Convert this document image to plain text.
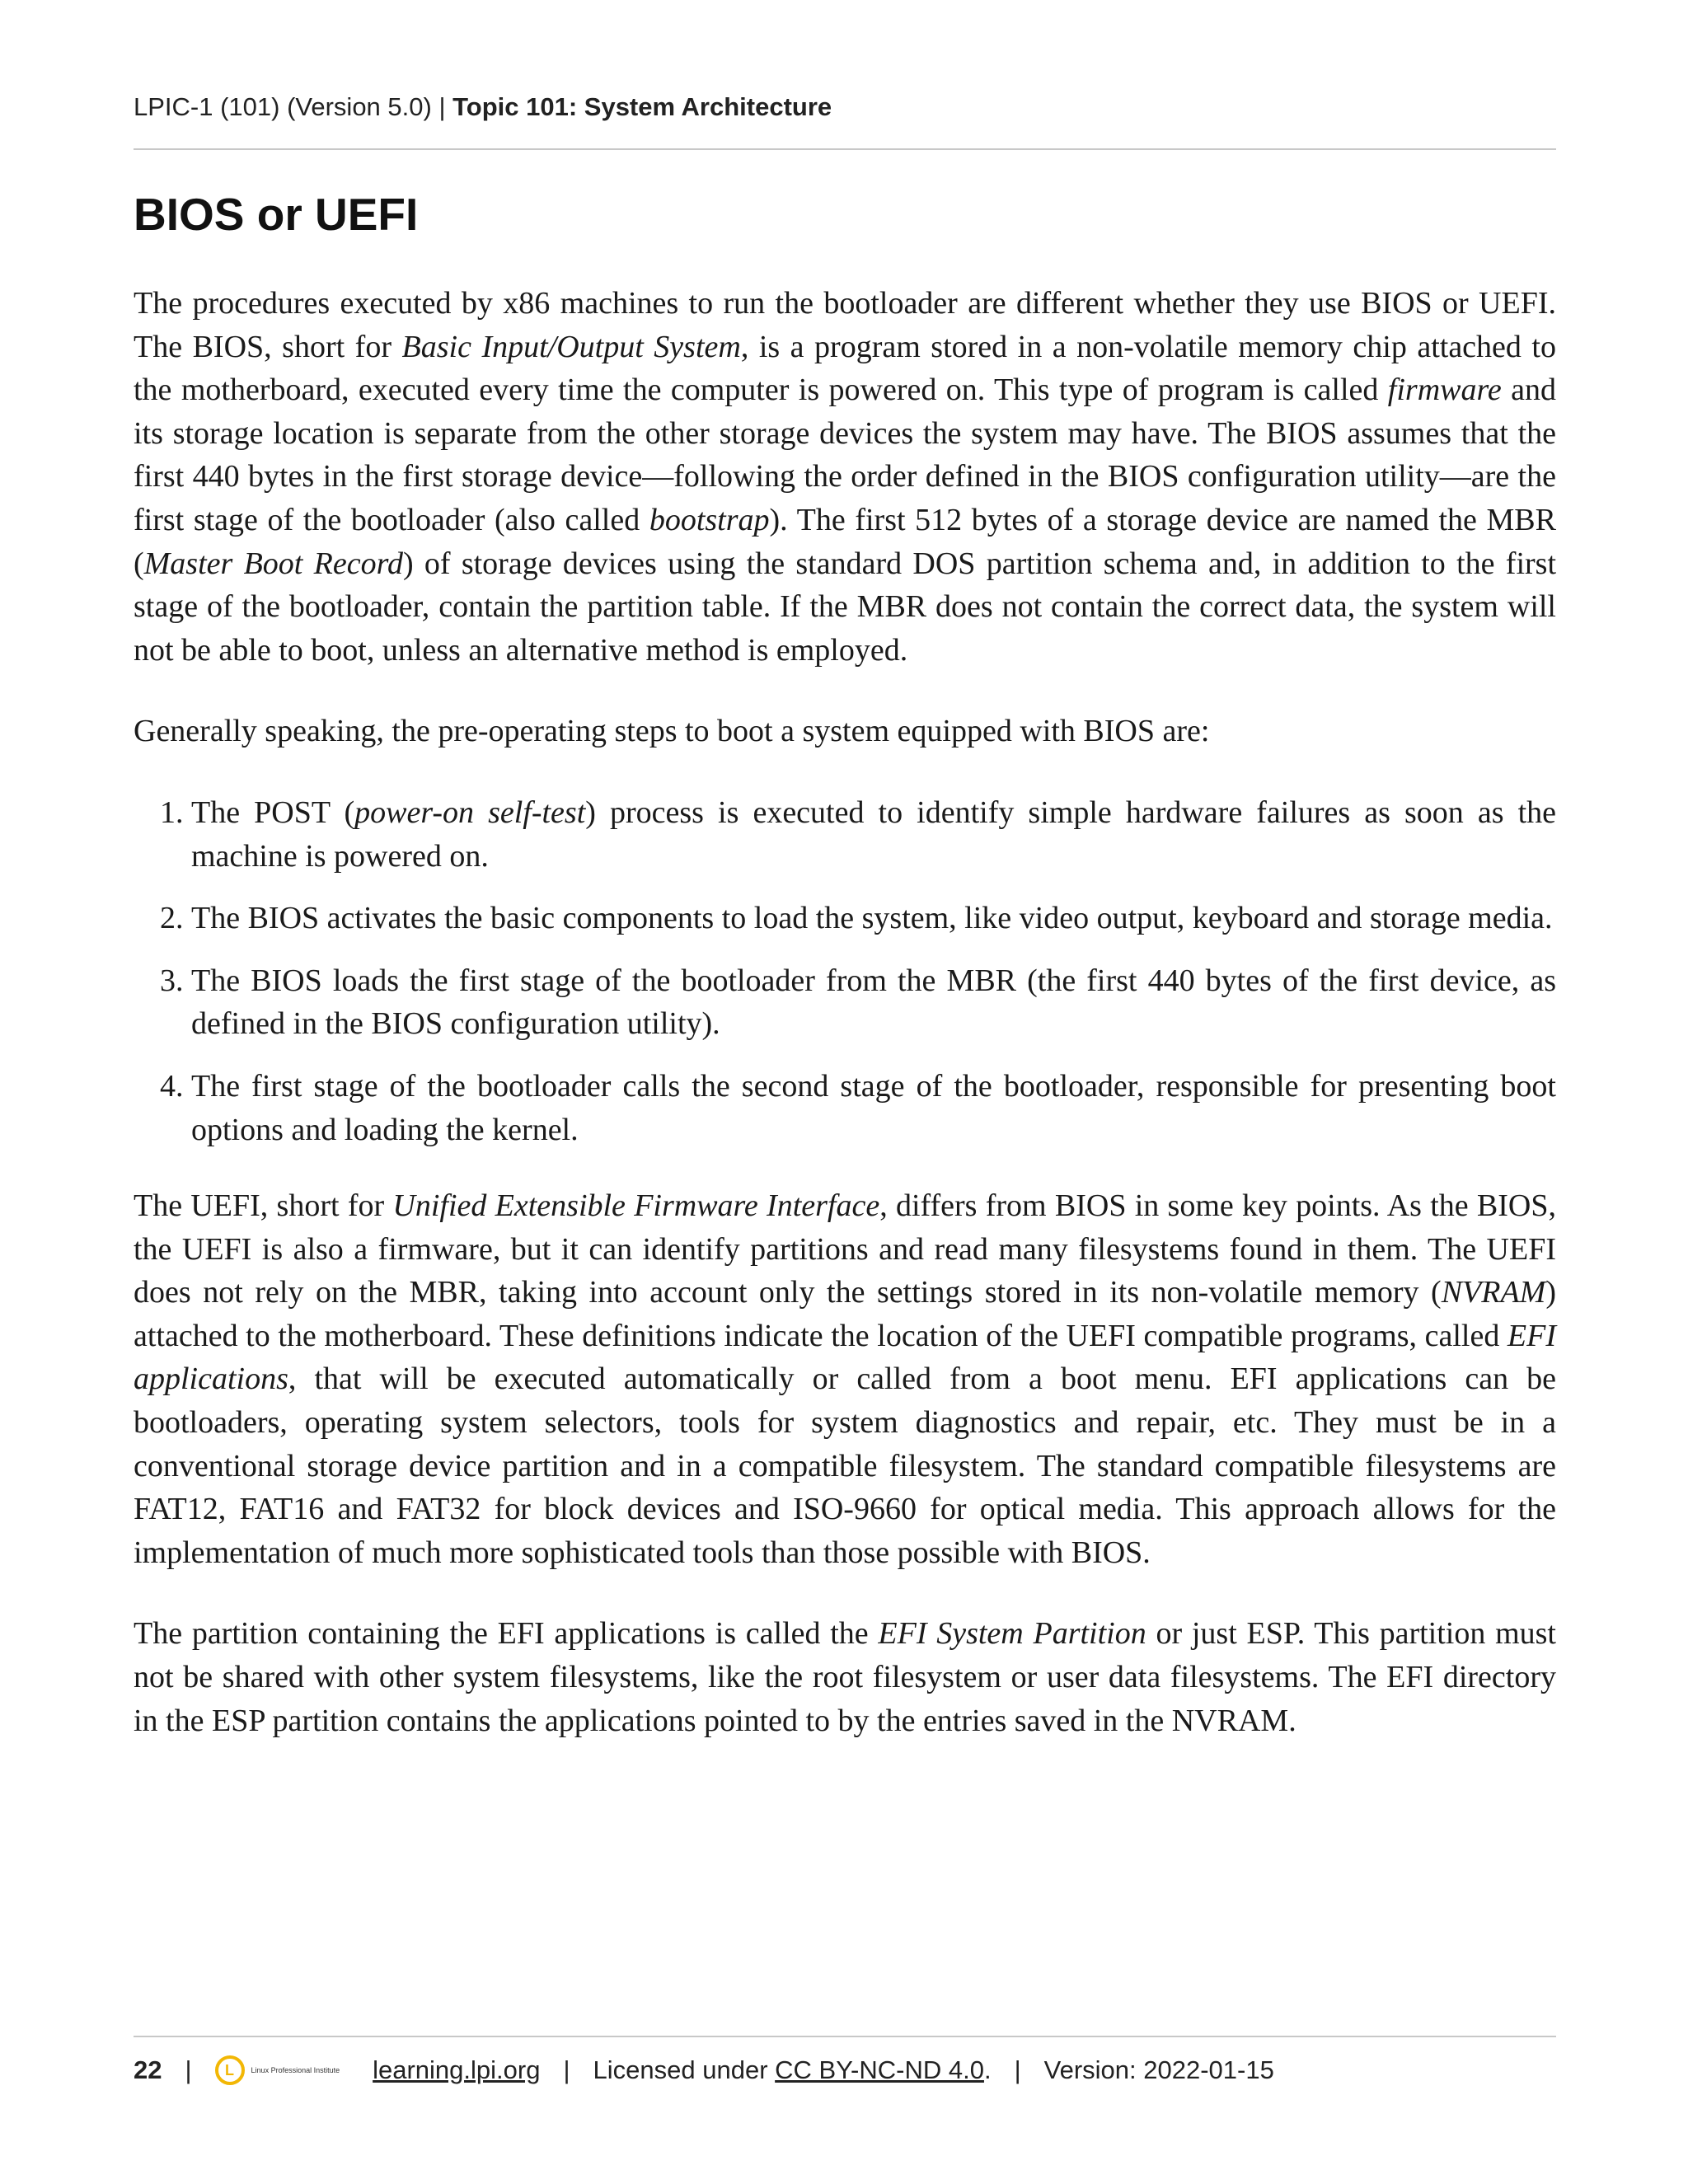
LPIC-1 (101) (Version 5.0) | Topic 101: System Architecture
BIOS or UEFI

The procedures executed by x86 machines to run the bootloader are different whether they use BIOS or UEFI. The BIOS, short for Basic Input/Output System, is a program stored in a non-volatile memory chip attached to the motherboard, executed every time the computer is powered on. This type of program is called firmware and its storage location is separate from the other storage devices the system may have. The BIOS assumes that the first 440 bytes in the first storage device—following the order defined in the BIOS configuration utility—are the first stage of the bootloader (also called bootstrap). The first 512 bytes of a storage device are named the MBR (Master Boot Record) of storage devices using the standard DOS partition schema and, in addition to the first stage of the bootloader, contain the partition table. If the MBR does not contain the correct data, the system will not be able to boot, unless an alternative method is employed.

Generally speaking, the pre-operating steps to boot a system equipped with BIOS are:

1. The POST (power-on self-test) process is executed to identify simple hardware failures as soon as the machine is powered on.
2. The BIOS activates the basic components to load the system, like video output, keyboard and storage media.
3. The BIOS loads the first stage of the bootloader from the MBR (the first 440 bytes of the first device, as defined in the BIOS configuration utility).
4. The first stage of the bootloader calls the second stage of the bootloader, responsible for presenting boot options and loading the kernel.

The UEFI, short for Unified Extensible Firmware Interface, differs from BIOS in some key points. As the BIOS, the UEFI is also a firmware, but it can identify partitions and read many filesystems found in them. The UEFI does not rely on the MBR, taking into account only the settings stored in its non-volatile memory (NVRAM) attached to the motherboard. These definitions indicate the location of the UEFI compatible programs, called EFI applications, that will be executed automatically or called from a boot menu. EFI applications can be bootloaders, operating system selectors, tools for system diagnostics and repair, etc. They must be in a conventional storage device partition and in a compatible filesystem. The standard compatible filesystems are FAT12, FAT16 and FAT32 for block devices and ISO-9660 for optical media. This approach allows for the implementation of much more sophisticated tools than those possible with BIOS.

The partition containing the EFI applications is called the EFI System Partition or just ESP. This partition must not be shared with other system filesystems, like the root filesystem or user data filesystems. The EFI directory in the ESP partition contains the applications pointed to by the entries saved in the NVRAM.

22 |	L	Linux Professional Institute learning.lpi.org | Licensed under CC BY-NC-ND 4.0. | Version: 2022-01-15
